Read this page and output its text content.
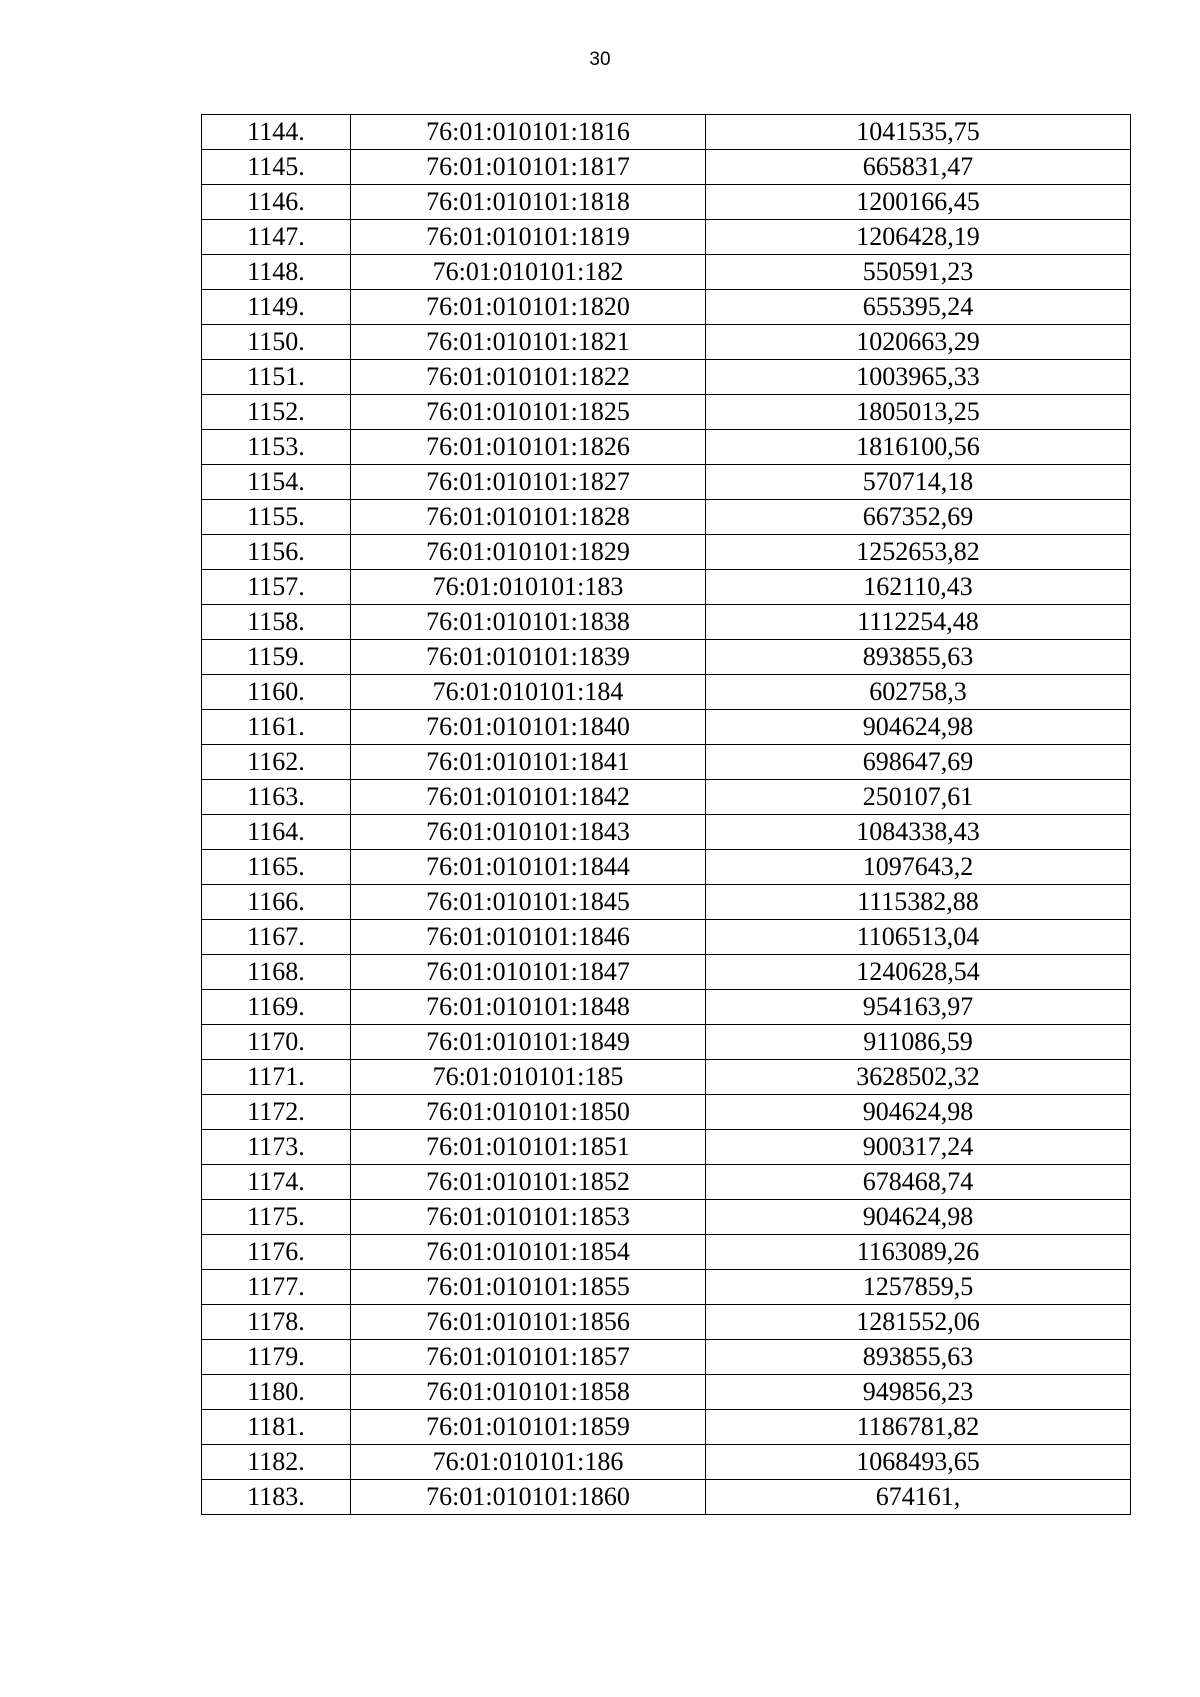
30
1144.	76:01:010101:1816	1041535,75
1145.	76:01:010101:1817	665831,47
1146.	76:01:010101:1818	1200166,45
1147.	76:01:010101:1819	1206428,19
1148.	76:01:010101:182	550591,23
1149.	76:01:010101:1820	655395,24
1150.	76:01:010101:1821	1020663,29
1151.	76:01:010101:1822	1003965,33
1152.	76:01:010101:1825	1805013,25
1153.	76:01:010101:1826	1816100,56
1154.	76:01:010101:1827	570714,18
1155.	76:01:010101:1828	667352,69
1156.	76:01:010101:1829	1252653,82
1157.	76:01:010101:183	162110,43
1158.	76:01:010101:1838	1112254,48
1159.	76:01:010101:1839	893855,63
1160.	76:01:010101:184	602758,3
1161.	76:01:010101:1840	904624,98
1162.	76:01:010101:1841	698647,69
1163.	76:01:010101:1842	250107,61
1164.	76:01:010101:1843	1084338,43
1165.	76:01:010101:1844	1097643,2
1166.	76:01:010101:1845	1115382,88
1167.	76:01:010101:1846	1106513,04
1168.	76:01:010101:1847	1240628,54
1169.	76:01:010101:1848	954163,97
1170.	76:01:010101:1849	911086,59
1171.	76:01:010101:185	3628502,32
1172.	76:01:010101:1850	904624,98
1173.	76:01:010101:1851	900317,24
1174.	76:01:010101:1852	678468,74
1175.	76:01:010101:1853	904624,98
1176.	76:01:010101:1854	1163089,26
1177.	76:01:010101:1855	1257859,5
1178.	76:01:010101:1856	1281552,06
1179.	76:01:010101:1857	893855,63
1180.	76:01:010101:1858	949856,23
1181.	76:01:010101:1859	1186781,82
1182.	76:01:010101:186	1068493,65
1183.	76:01:010101:1860	674161,
